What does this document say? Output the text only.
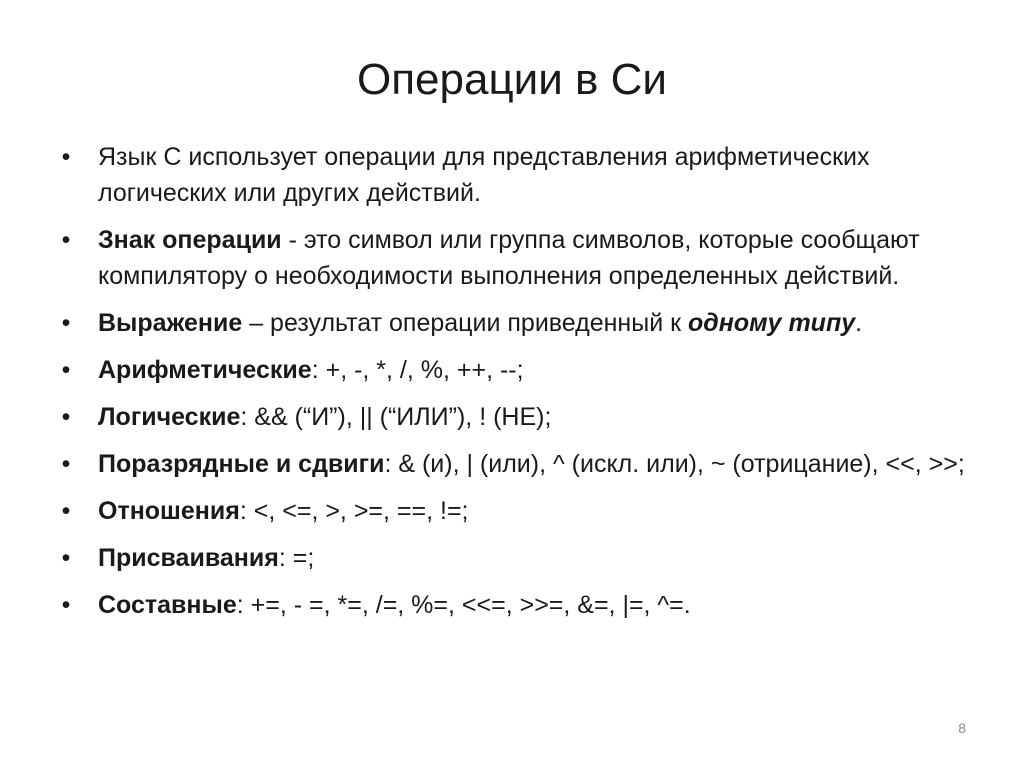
Операции в Си
• Язык С использует операции для представления арифметических логических или других действий.
• Знак операции - это символ или группа символов, которые сообщают компилятору о необходимости выполнения определенных действий.
• Выражение – результат операции приведенный к одному типу.
• Арифметические: +, -, *, /, %, ++, --;
• Логические: && (“И”), || (“ИЛИ”), ! (НЕ);
• Поразрядные и сдвиги: & (и), | (или), ^ (искл. или), ~ (отрицание), <<, >>;
• Отношения: <, <=, >, >=, ==, !=;
• Присваивания: =;
• Составные: +=, - =, *=, /=, %=, <<=, >>=, &=, |=, ^=.
8
